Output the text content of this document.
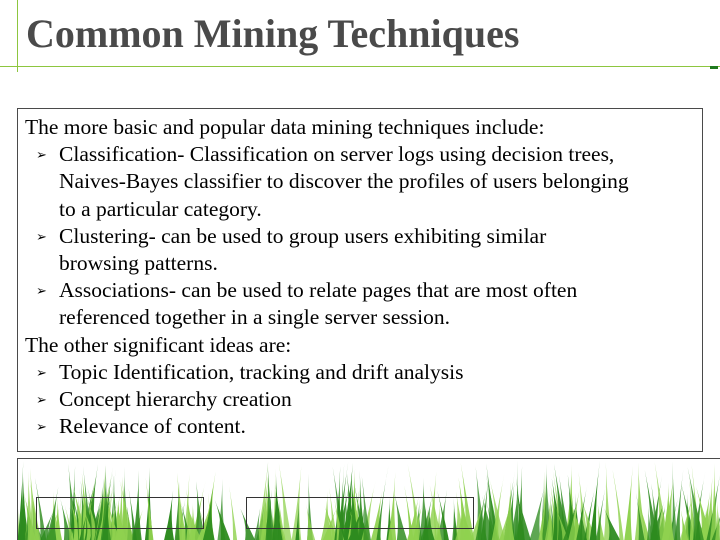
Common Mining Techniques
The more basic and popular data mining techniques include:
➢ Classification- Classification on server logs using decision trees,
Naives-Bayes classifier to discover the profiles of users belonging
to a particular category.
➢ Clustering- can be used to group users exhibiting similar
browsing patterns.
➢ Associations- can be used to relate pages that are most often
referenced together in a single server session.
The other significant ideas are:
➢ Topic Identification, tracking and drift analysis
➢ Concept hierarchy creation
➢ Relevance of content.
